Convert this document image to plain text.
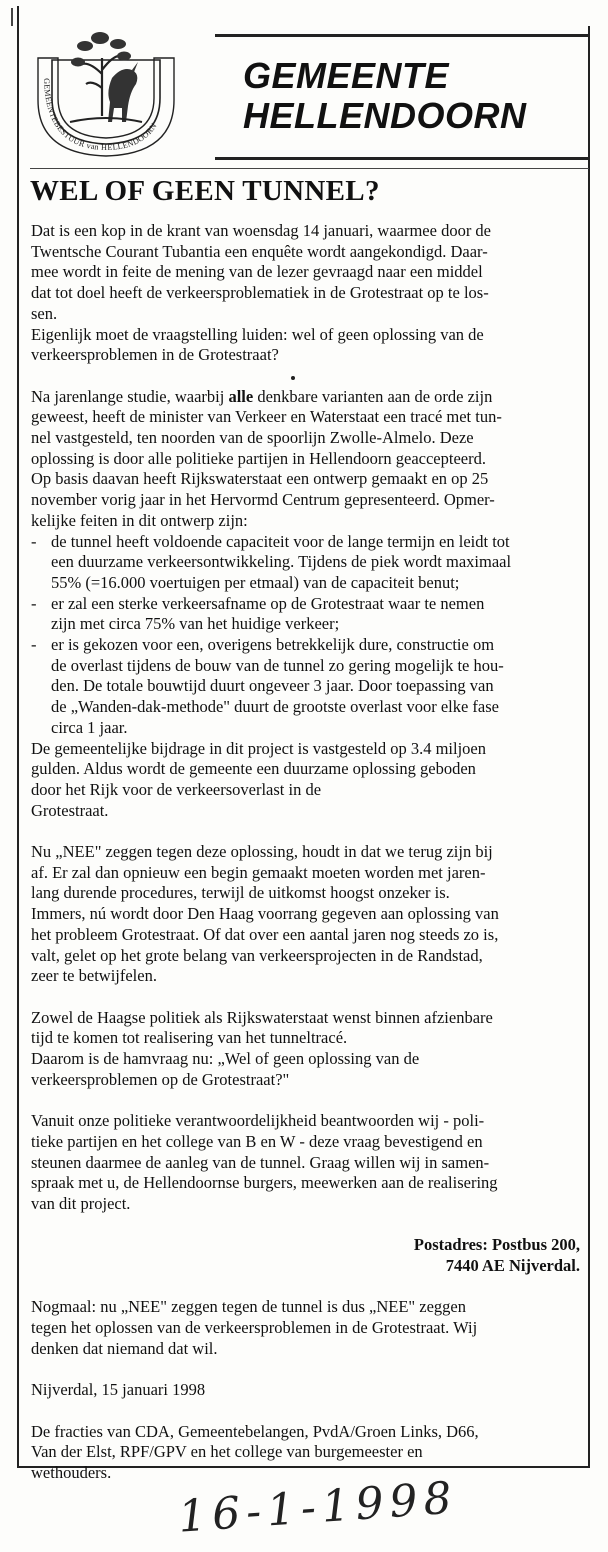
GEMEENTEBESTUUR van HELLENDOORN
GEMEENTE
HELLENDOORN
WEL OF GEEN TUNNEL?

Dat is een kop in de krant van woensdag 14 januari, waarmee door de
Twentsche Courant Tubantia een enquête wordt aangekondigd. Daar-
mee wordt in feite de mening van de lezer gevraagd naar een middel
dat tot doel heeft de verkeersproblematiek in de Grotestraat op te los-
sen.
Eigenlijk moet de vraagstelling luiden: wel of geen oplossing van de
verkeersproblemen in de Grotestraat?

Na jarenlange studie, waarbij alle denkbare varianten aan de orde zijn
geweest, heeft de minister van Verkeer en Waterstaat een tracé met tun-
nel vastgesteld, ten noorden van de spoorlijn Zwolle-Almelo. Deze
oplossing is door alle politieke partijen in Hellendoorn geaccepteerd.
Op basis daavan heeft Rijkswaterstaat een ontwerp gemaakt en op 25
november vorig jaar in het Hervormd Centrum gepresenteerd. Opmer-
kelijke feiten in dit ontwerp zijn:

- de tunnel heeft voldoende capaciteit voor de lange termijn en leidt tot
een duurzame verkeersontwikkeling. Tijdens de piek wordt maximaal
55% (=16.000 voertuigen per etmaal) van de capaciteit benut;
- er zal een sterke verkeersafname op de Grotestraat waar te nemen
zijn met circa 75% van het huidige verkeer;
- er is gekozen voor een, overigens betrekkelijk dure, constructie om
de overlast tijdens de bouw van de tunnel zo gering mogelijk te hou-
den. De totale bouwtijd duurt ongeveer 3 jaar. Door toepassing van
de „Wanden-dak-methode" duurt de grootste overlast voor elke fase
circa 1 jaar.

De gemeentelijke bijdrage in dit project is vastgesteld op 3.4 miljoen
gulden. Aldus wordt de gemeente een duurzame oplossing geboden
door het Rijk voor de verkeersoverlast in de
Grotestraat.

Nu „NEE" zeggen tegen deze oplossing, houdt in dat we terug zijn bij
af. Er zal dan opnieuw een begin gemaakt moeten worden met jaren-
lang durende procedures, terwijl de uitkomst hoogst onzeker is.
Immers, nú wordt door Den Haag voorrang gegeven aan oplossing van
het probleem Grotestraat. Of dat over een aantal jaren nog steeds zo is,
valt, gelet op het grote belang van verkeersprojecten in de Randstad,
zeer te betwijfelen.

Zowel de Haagse politiek als Rijkswaterstaat wenst binnen afzienbare
tijd te komen tot realisering van het tunneltracé.
Daarom is de hamvraag nu: „Wel of geen oplossing van de
verkeersproblemen op de Grotestraat?"

Vanuit onze politieke verantwoordelijkheid beantwoorden wij - poli-
tieke partijen en het college van B en W - deze vraag bevestigend en
steunen daarmee de aanleg van de tunnel. Graag willen wij in samen-
spraak met u, de Hellendoornse burgers, meewerken aan de realisering
van dit project.

Postadres: Postbus 200,
7440 AE Nijverdal.

Nogmaal: nu „NEE" zeggen tegen de tunnel is dus „NEE" zeggen
tegen het oplossen van de verkeersproblemen in de Grotestraat. Wij
denken dat niemand dat wil.

Nijverdal, 15 januari 1998

De fracties van CDA, Gemeentebelangen, PvdA/Groen Links, D66,
Van der Elst, RPF/GPV en het college van burgemeester en
wethouders.	16-1-1998
